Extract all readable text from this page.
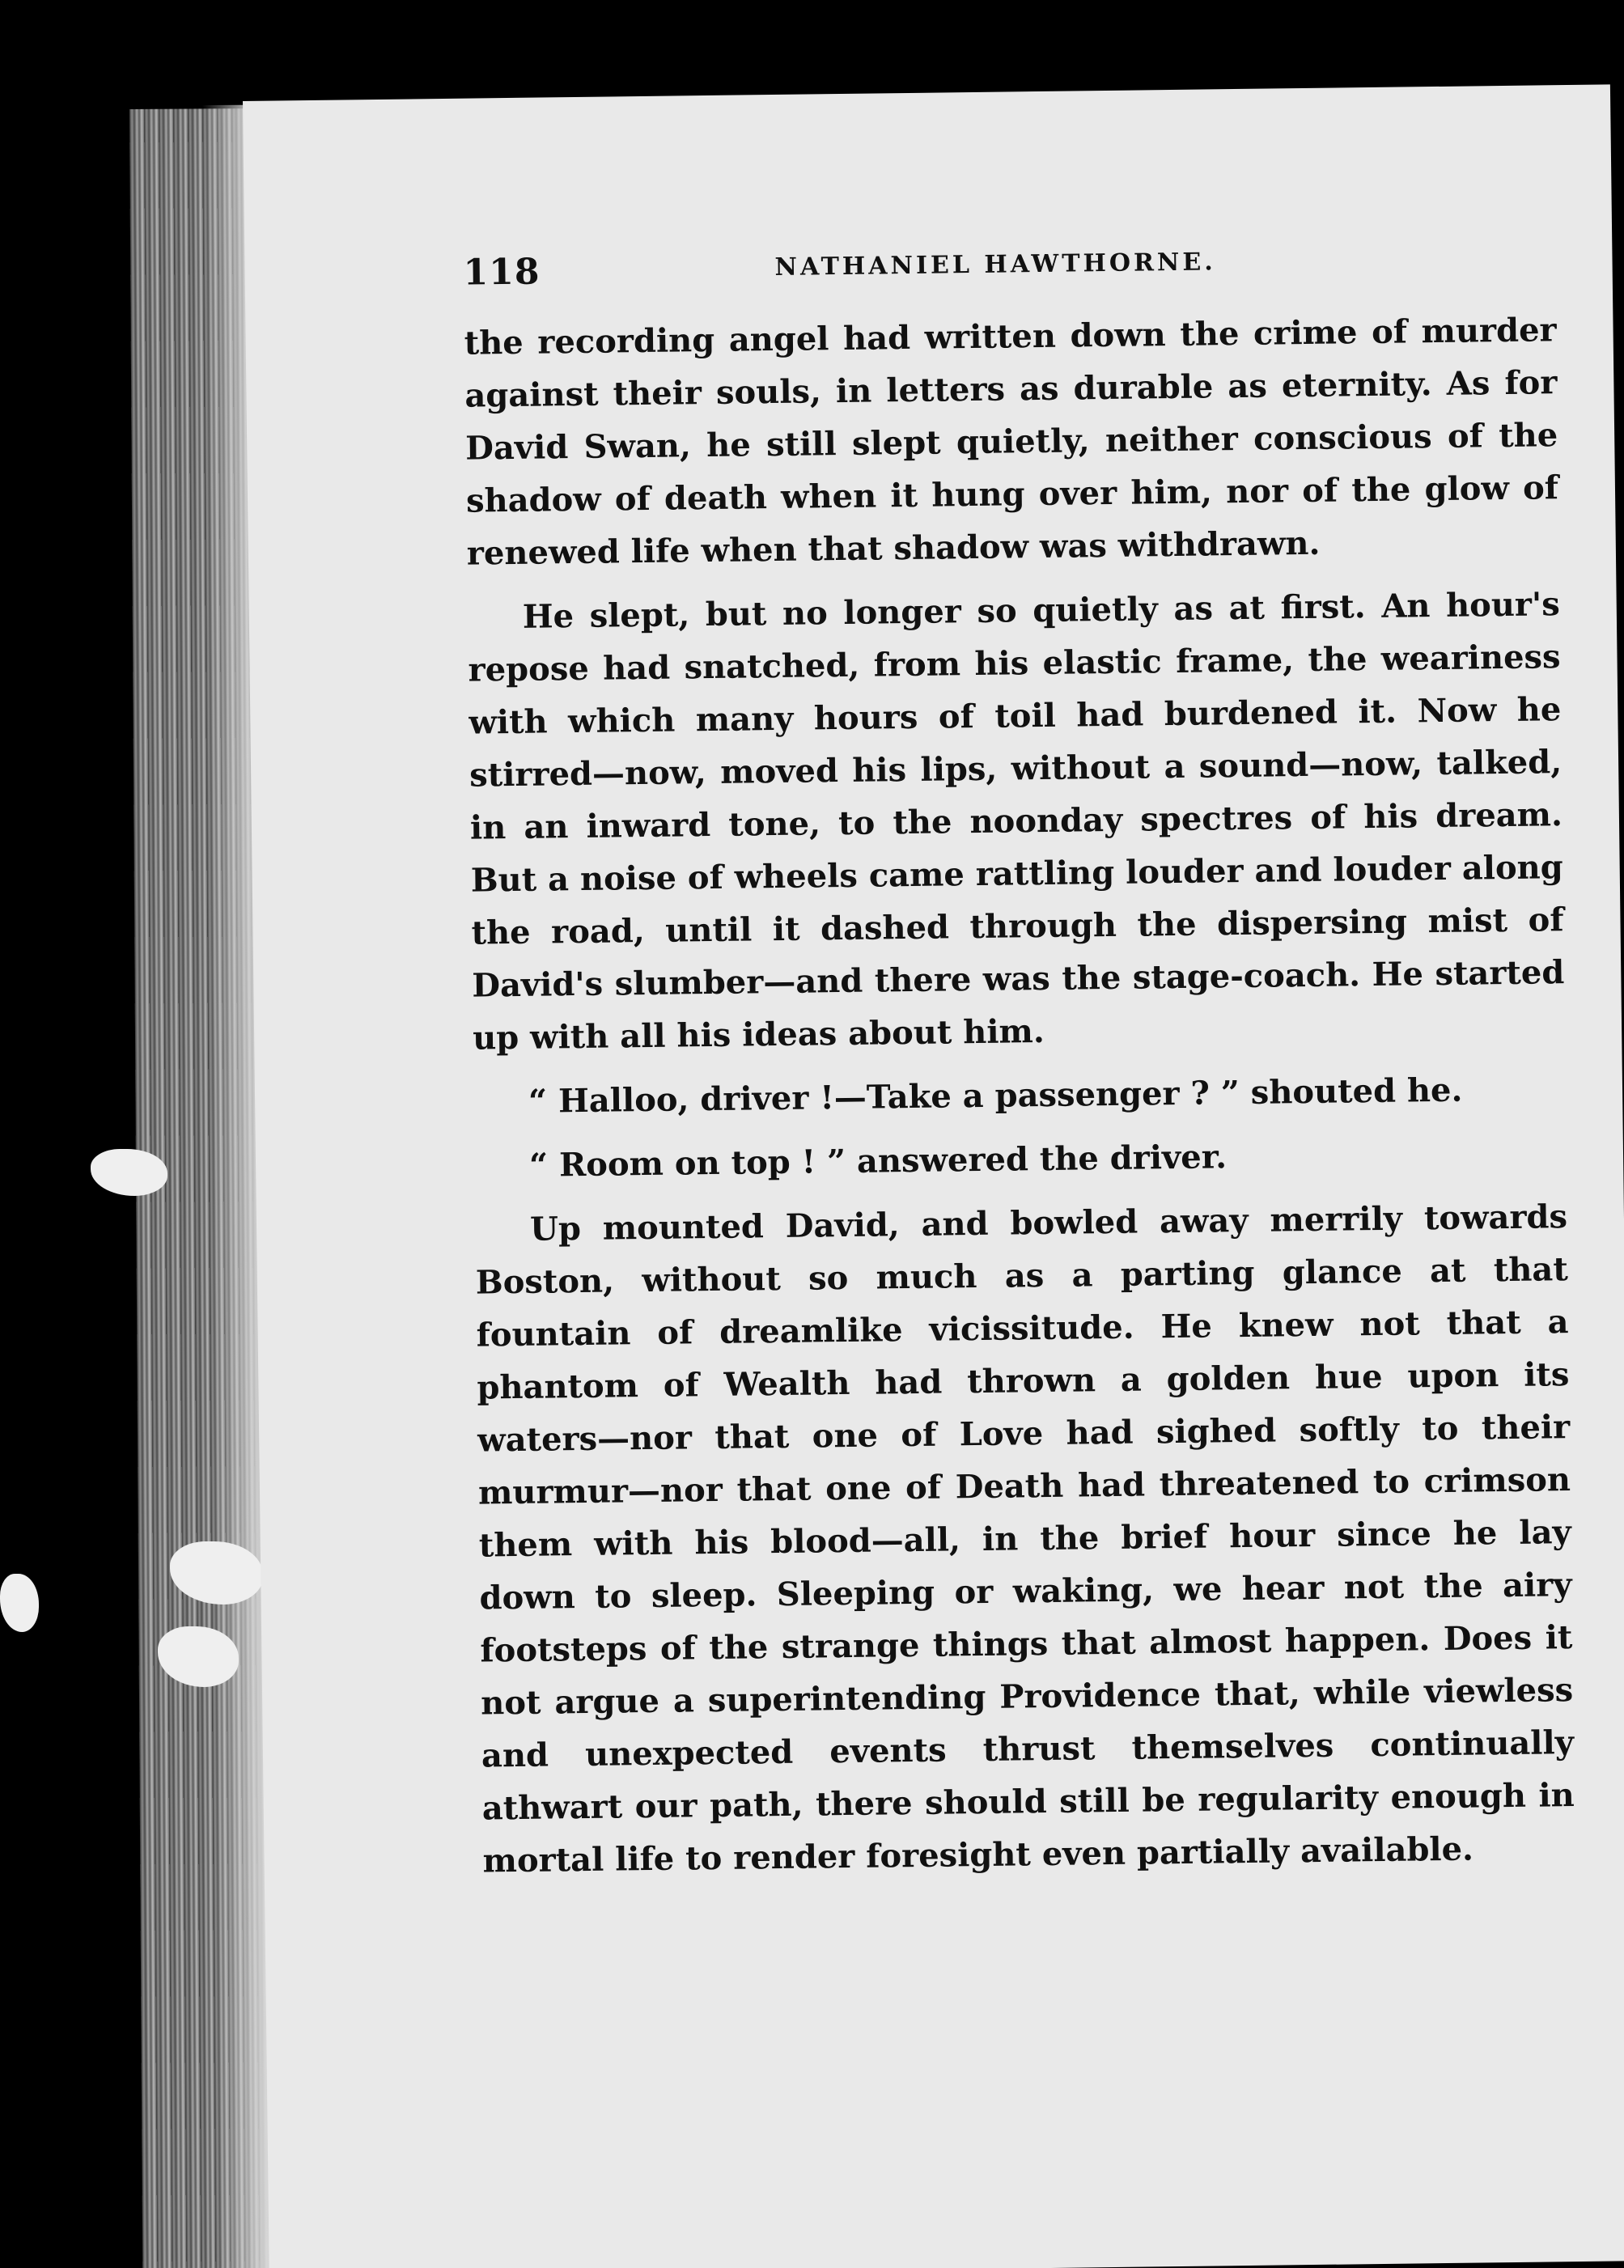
118	NATHANIEL HAWTHORNE.

the recording angel had written down the crime of murder against their souls, in letters as durable as eternity. As for David Swan, he still slept quietly, neither conscious of the shadow of death when it hung over him, nor of the glow of renewed life when that shadow was withdrawn.

He slept, but no longer so quietly as at first. An hour's repose had snatched, from his elastic frame, the weariness with which many hours of toil had burdened it. Now he stirred—now, moved his lips, without a sound—now, talked, in an inward tone, to the noonday spectres of his dream. But a noise of wheels came rattling louder and louder along the road, until it dashed through the dispersing mist of David's slumber—and there was the stage-coach. He started up with all his ideas about him.

“ Halloo, driver !—Take a passenger ? ” shouted he.

“ Room on top ! ” answered the driver.

Up mounted David, and bowled away merrily towards Boston, without so much as a parting glance at that fountain of dreamlike vicissitude. He knew not that a phantom of Wealth had thrown a golden hue upon its waters—nor that one of Love had sighed softly to their murmur—nor that one of Death had threatened to crimson them with his blood—all, in the brief hour since he lay down to sleep. Sleeping or waking, we hear not the airy footsteps of the strange things that almost happen. Does it not argue a superintending Providence that, while viewless and unexpected events thrust themselves continually athwart our path, there should still be regularity enough in mortal life to render foresight even partially available.
